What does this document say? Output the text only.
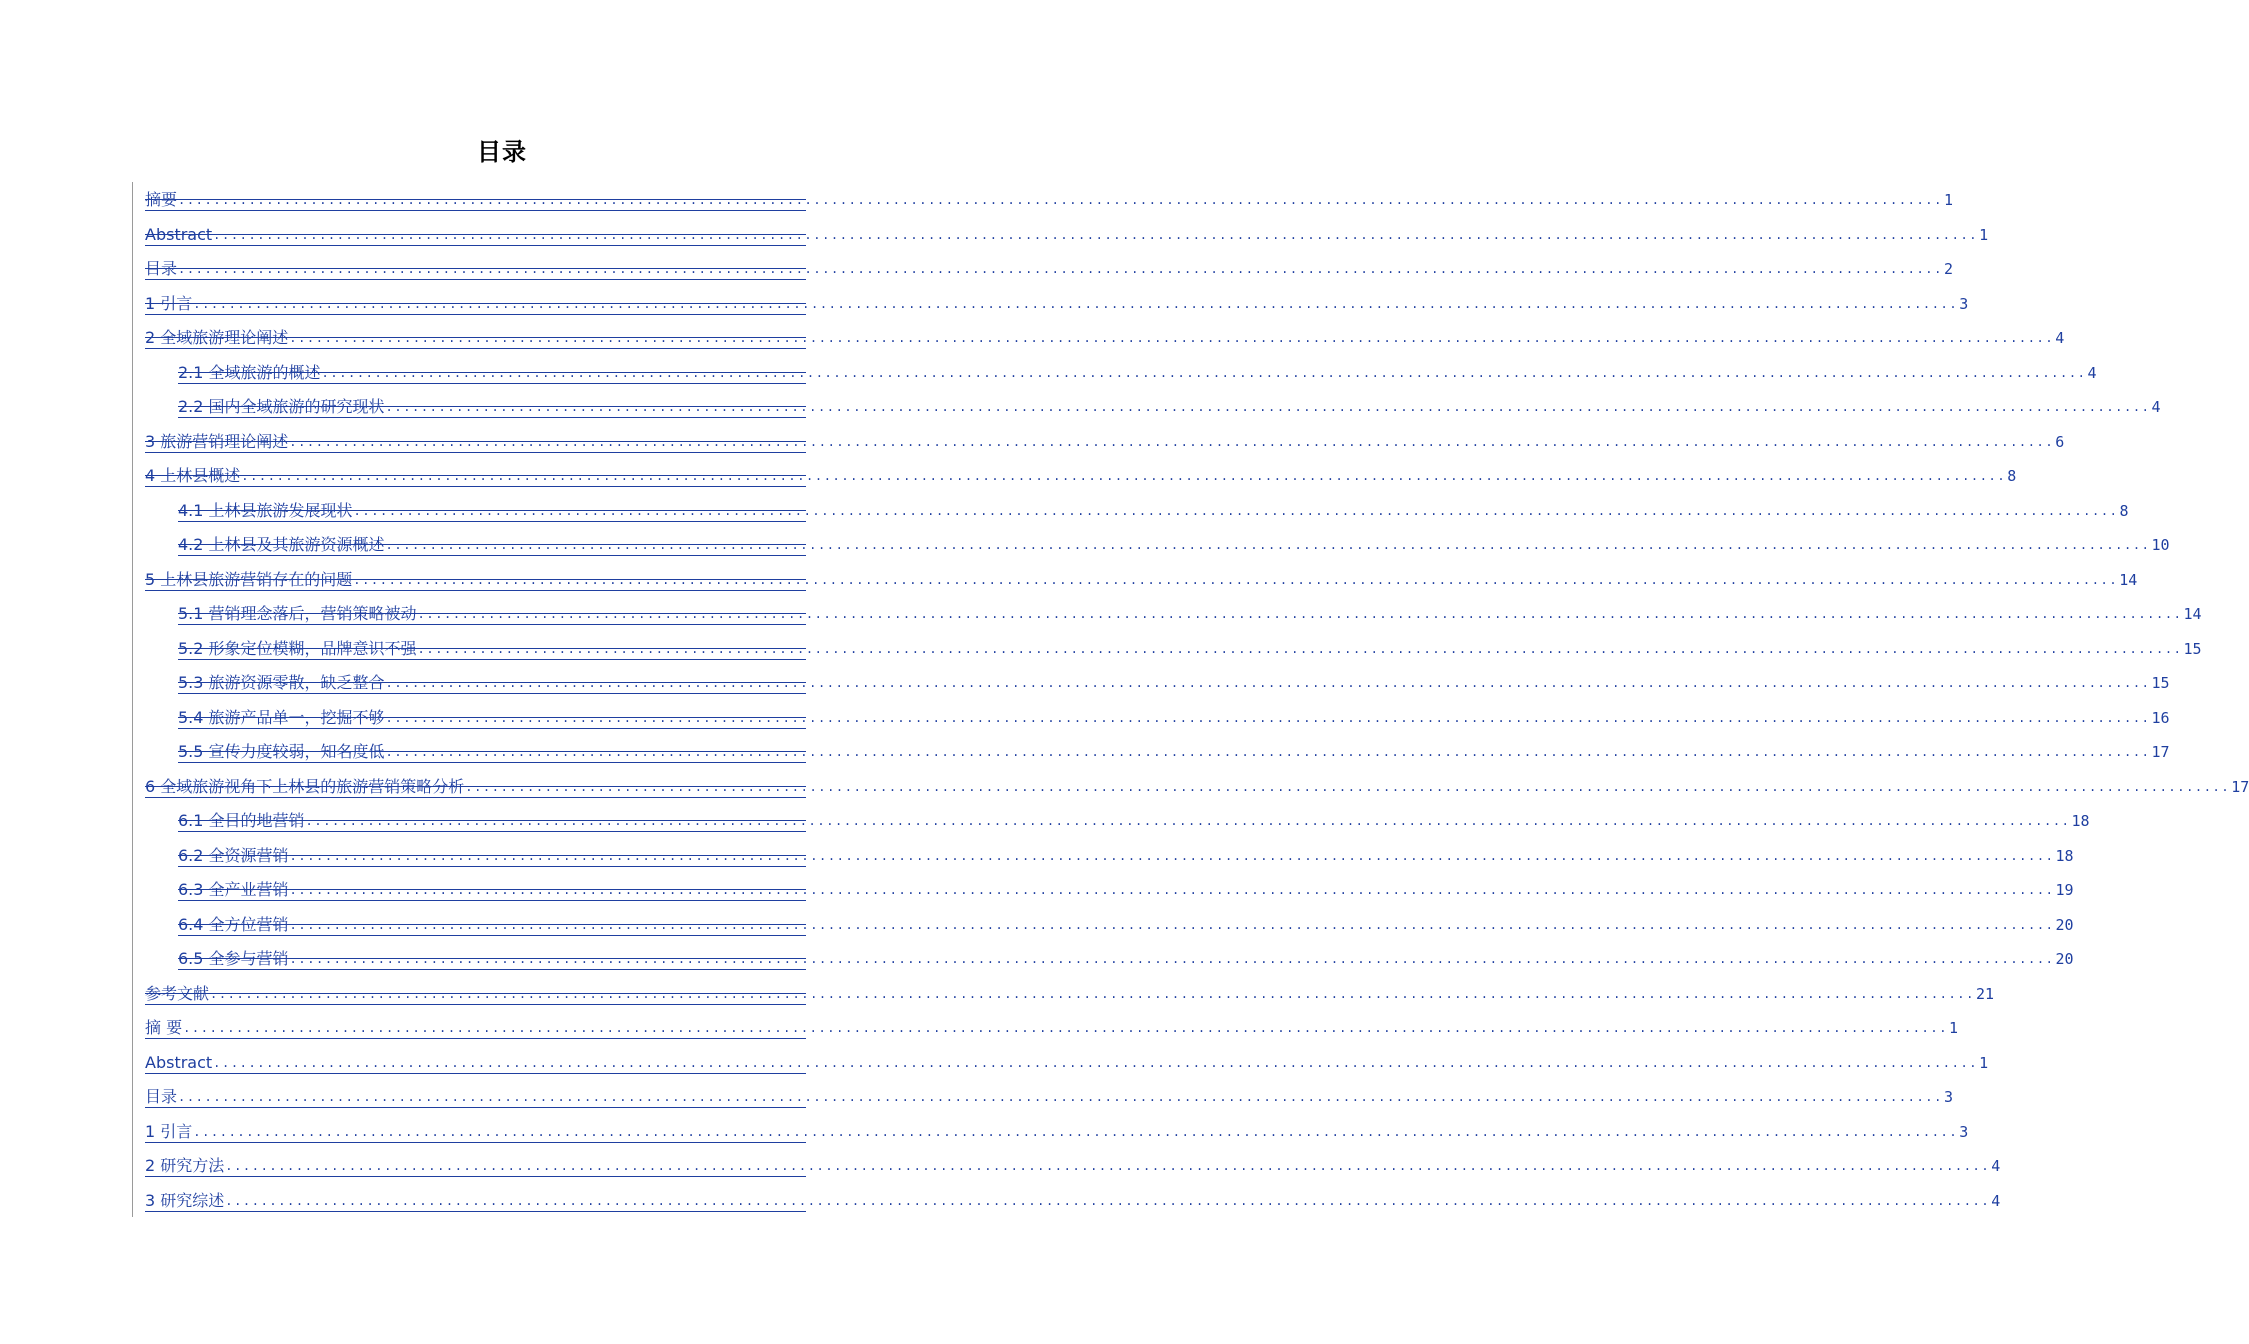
目录
摘要 ........................................................................................................................................................................................................ 1
Abstract ........................................................................................................................................................................................................ 1
目录 ........................................................................................................................................................................................................ 2
1 引言 ........................................................................................................................................................................................................ 3
2 全域旅游理论阐述 ........................................................................................................................................................................................................ 4
2.1 全域旅游的概述 ........................................................................................................................................................................................................ 4
2.2 国内全域旅游的研究现状 ........................................................................................................................................................................................................ 4
3 旅游营销理论阐述 ........................................................................................................................................................................................................ 6
4 上林县概述 ........................................................................................................................................................................................................ 8
4.1 上林县旅游发展现状 ........................................................................................................................................................................................................ 8
4.2 上林县及其旅游资源概述 ........................................................................................................................................................................................................ 10
5 上林县旅游营销存在的问题 ........................................................................................................................................................................................................ 14
5.1 营销理念落后，营销策略被动 ........................................................................................................................................................................................................ 14
5.2 形象定位模糊，品牌意识不强 ........................................................................................................................................................................................................ 15
5.3 旅游资源零散，缺乏整合 ........................................................................................................................................................................................................ 15
5.4 旅游产品单一，挖掘不够 ........................................................................................................................................................................................................ 16
5.5 宣传力度较弱，知名度低 ........................................................................................................................................................................................................ 17
6 全域旅游视角下上林县的旅游营销策略分析 ........................................................................................................................................................................................................ 17
6.1 全目的地营销 ........................................................................................................................................................................................................ 18
6.2 全资源营销 ........................................................................................................................................................................................................ 18
6.3 全产业营销 ........................................................................................................................................................................................................ 19
6.4 全方位营销 ........................................................................................................................................................................................................ 20
6.5 全参与营销 ........................................................................................................................................................................................................ 20
参考文献 ........................................................................................................................................................................................................ 21
摘 要 ........................................................................................................................................................................................................ 1
Abstract ........................................................................................................................................................................................................ 1
目录 ........................................................................................................................................................................................................ 3
1 引言 ........................................................................................................................................................................................................ 3
2 研究方法 ........................................................................................................................................................................................................ 4
3 研究综述 ........................................................................................................................................................................................................ 4
